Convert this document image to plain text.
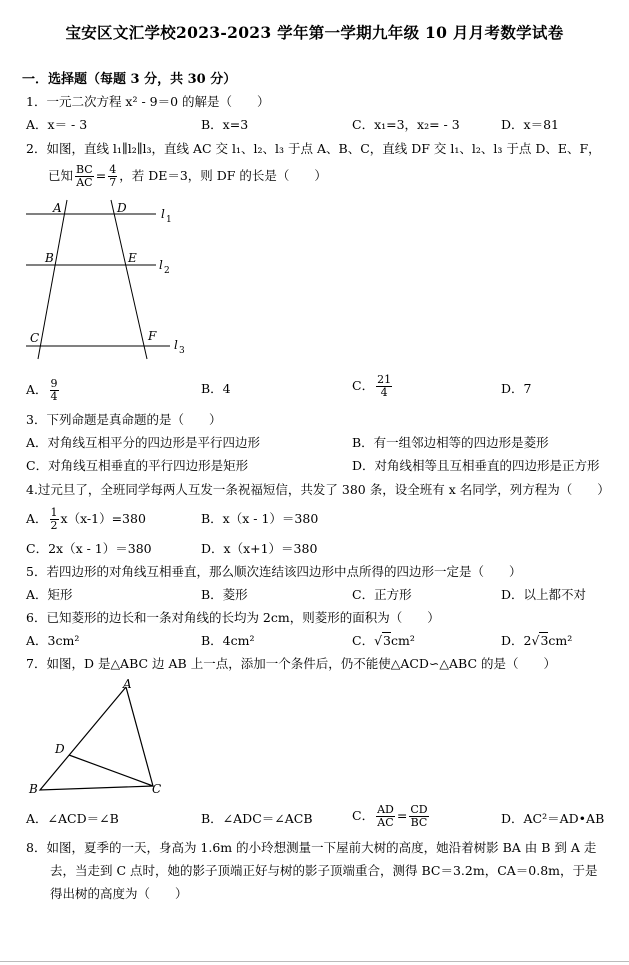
宝安区文汇学校2023-2023 学年第一学期九年级 10 月月考数学试卷
一．选择题（每题 3 分，共 30 分）
1．一元二次方程 x² - 9＝0 的解是（　　）
A．x＝ - 3	B．x=3	C．x₁=3，x₂= - 3	D．x＝81
2．如图，直线 l₁∥l₂∥l₃，直线 AC 交 l₁、l₂、l₃ 于点 A、B、C，直线 DF 交 l₁、l₂、l₃ 于点 D、E、F，
已知 $\frac{BC}{AC} = \frac{4}{7}$ ，若 DE＝3，则 DF 的长是（　　）
A	D
B	E
C	F
l 1
l 2
l 3
A． $\frac{9}{4}$	B．4	C． $\frac{21}{4}$	D．7
3．下列命题是真命题的是（　　）
A．对角线互相平分的四边形是平行四边形	B．有一组邻边相等的四边形是菱形
C．对角线互相垂直的平行四边形是矩形	D．对角线相等且互相垂直的四边形是正方形
4.过元旦了，全班同学每两人互发一条祝福短信，共发了 380 条，设全班有 x 名同学，列方程为（　　）
A． $\frac{1}{2} x(x-1)=380$	B．x（x - 1）＝380
C．2x（x - 1）＝380	D．x（x+1）＝380
5．若四边形的对角线互相垂直，那么顺次连结该四边形中点所得的四边形一定是（　　）
A．矩形	B．菱形	C．正方形	D．以上都不对
6．已知菱形的边长和一条对角线的长均为 2cm，则菱形的面积为（　　）
A．3cm²	B．4cm²	C．√3cm²	D．2√3cm²
7．如图，D 是△ABC 边 AB 上一点，添加一个条件后，仍不能使△ACD∽△ABC 的是（　　）
A
D
B	C
A．∠ACD＝∠B	B．∠ADC＝∠ACB	C． $\frac{AD}{AC} = \frac{CD}{BC}$	D．AC²＝AD•AB
8．如图，夏季的一天，身高为 1.6m 的小玲想测量一下屋前大树的高度，她沿着树影 BA 由 B 到 A 走
去，当走到 C 点时，她的影子顶端正好与树的影子顶端重合，测得 BC＝3.2m，CA＝0.8m，于是
得出树的高度为（　　）
